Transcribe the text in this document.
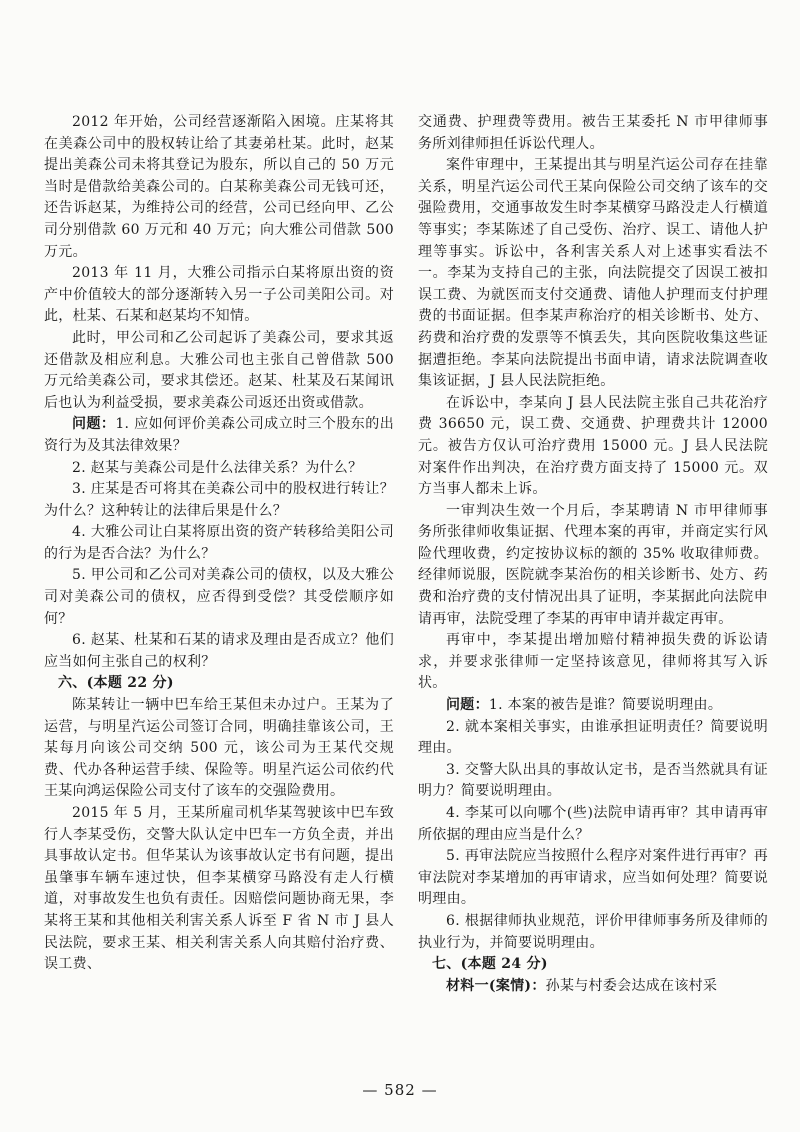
2012 年开始，公司经营逐渐陷入困境。庄某将其在美森公司中的股权转让给了其妻弟杜某。此时，赵某提出美森公司未将其登记为股东，所以自己的 50 万元当时是借款给美森公司的。白某称美森公司无钱可还，还告诉赵某，为维持公司的经营，公司已经向甲、乙公司分别借款 60 万元和 40 万元；向大雅公司借款 500 万元。

2013 年 11 月，大雅公司指示白某将原出资的资产中价值较大的部分逐渐转入另一子公司美阳公司。对此，杜某、石某和赵某均不知情。

此时，甲公司和乙公司起诉了美森公司，要求其返还借款及相应利息。大雅公司也主张自己曾借款 500 万元给美森公司，要求其偿还。赵某、杜某及石某闻讯后也认为利益受损，要求美森公司返还出资或借款。

问题：1. 应如何评价美森公司成立时三个股东的出资行为及其法律效果？

2. 赵某与美森公司是什么法律关系？为什么？

3. 庄某是否可将其在美森公司中的股权进行转让？为什么？这种转让的法律后果是什么？

4. 大雅公司让白某将原出资的资产转移给美阳公司的行为是否合法？为什么？

5. 甲公司和乙公司对美森公司的债权，以及大雅公司对美森公司的债权，应否得到受偿？其受偿顺序如何？

6. 赵某、杜某和石某的请求及理由是否成立？他们应当如何主张自己的权利？

六、(本题 22 分)

陈某转让一辆中巴车给王某但未办过户。王某为了运营，与明星汽运公司签订合同，明确挂靠该公司，王某每月向该公司交纳 500 元，该公司为王某代交规费、代办各种运营手续、保险等。明星汽运公司依约代王某向鸿运保险公司支付了该车的交强险费用。

2015 年 5 月，王某所雇司机华某驾驶该中巴车致行人李某受伤，交警大队认定中巴车一方负全责，并出具事故认定书。但华某认为该事故认定书有问题，提出虽肇事车辆车速过快，但李某横穿马路没有走人行横道，对事故发生也负有责任。因赔偿问题协商无果，李某将王某和其他相关利害关系人诉至 F 省 N 市 J 县人民法院，要求王某、相关利害关系人向其赔付治疗费、误工费、

交通费、护理费等费用。被告王某委托 N 市甲律师事务所刘律师担任诉讼代理人。

案件审理中，王某提出其与明星汽运公司存在挂靠关系，明星汽运公司代王某向保险公司交纳了该车的交强险费用，交通事故发生时李某横穿马路没走人行横道等事实；李某陈述了自己受伤、治疗、误工、请他人护理等事实。诉讼中，各利害关系人对上述事实看法不一。李某为支持自己的主张，向法院提交了因误工被扣误工费、为就医而支付交通费、请他人护理而支付护理费的书面证据。但李某声称治疗的相关诊断书、处方、药费和治疗费的发票等不慎丢失，其向医院收集这些证据遭拒绝。李某向法院提出书面申请，请求法院调查收集该证据，J 县人民法院拒绝。

在诉讼中，李某向 J 县人民法院主张自己共花治疗费 36650 元，误工费、交通费、护理费共计 12000 元。被告方仅认可治疗费用 15000 元。J 县人民法院对案件作出判决，在治疗费方面支持了 15000 元。双方当事人都未上诉。

一审判决生效一个月后，李某聘请 N 市甲律师事务所张律师收集证据、代理本案的再审，并商定实行风险代理收费，约定按协议标的额的 35% 收取律师费。经律师说服，医院就李某治伤的相关诊断书、处方、药费和治疗费的支付情况出具了证明，李某据此向法院申请再审，法院受理了李某的再审申请并裁定再审。

再审中，李某提出增加赔付精神损失费的诉讼请求，并要求张律师一定坚持该意见，律师将其写入诉状。

问题：1. 本案的被告是谁？简要说明理由。

2. 就本案相关事实，由谁承担证明责任？简要说明理由。

3. 交警大队出具的事故认定书，是否当然就具有证明力？简要说明理由。

4. 李某可以向哪个(些)法院申请再审？其申请再审所依据的理由应当是什么？

5. 再审法院应当按照什么程序对案件进行再审？再审法院对李某增加的再审请求，应当如何处理？简要说明理由。

6. 根据律师执业规范，评价甲律师事务所及律师的执业行为，并简要说明理由。

七、(本题 24 分)

材料一(案情)：孙某与村委会达成在该村采

— 582 —
